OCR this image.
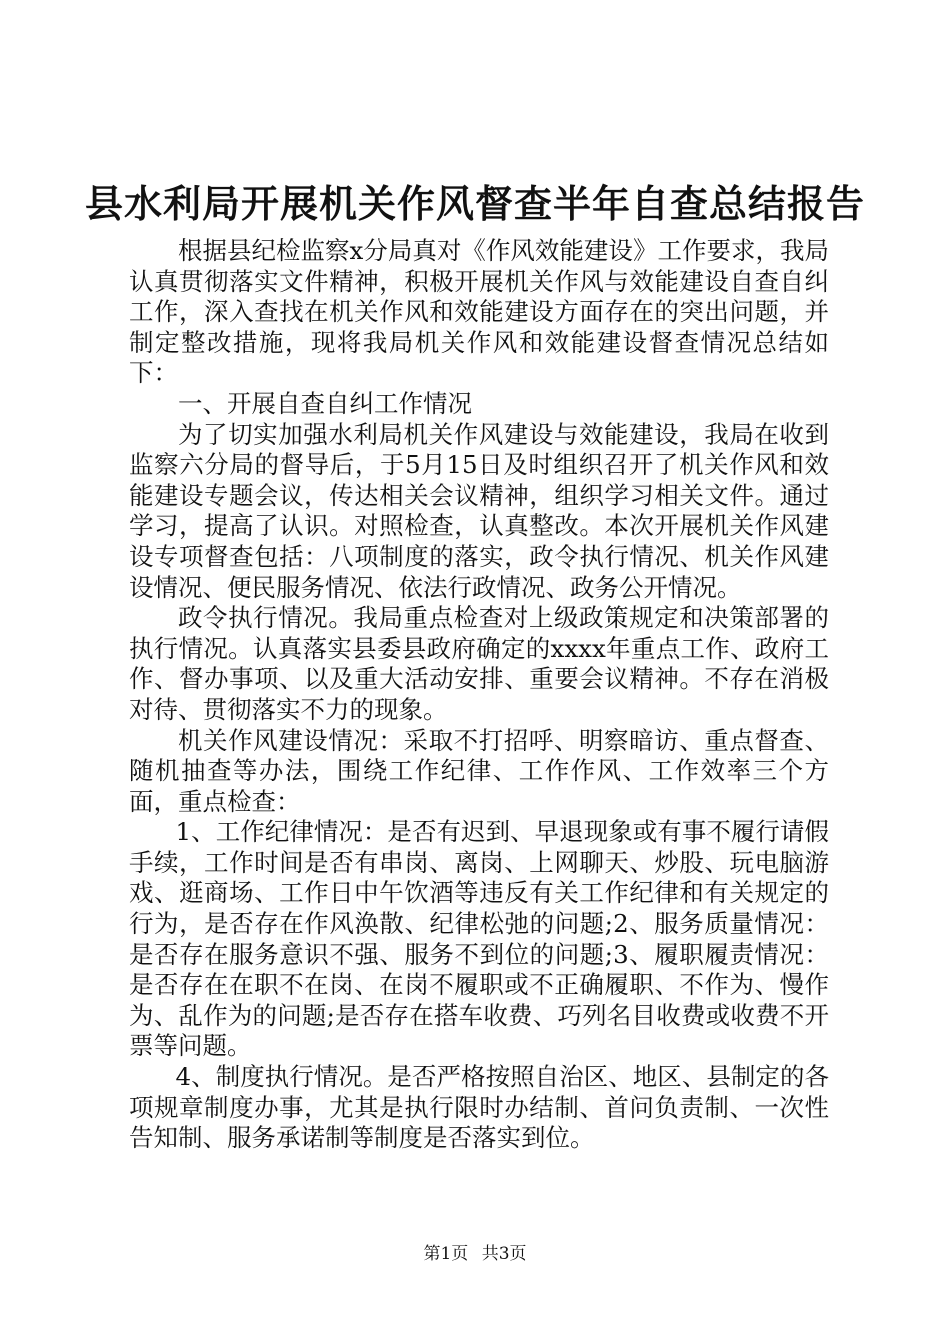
县水利局开展机关作风督查半年自查总结报告

根据县纪检监察x分局真对《作风效能建设》工作要求，我局认真贯彻落实文件精神，积极开展机关作风与效能建设自查自纠工作，深入查找在机关作风和效能建设方面存在的突出问题，并制定整改措施，现将我局机关作风和效能建设督查情况总结如下：

一、开展自查自纠工作情况

为了切实加强水利局机关作风建设与效能建设，我局在收到监察六分局的督导后，于5月15日及时组织召开了机关作风和效能建设专题会议，传达相关会议精神，组织学习相关文件。通过学习，提高了认识。对照检查，认真整改。本次开展机关作风建设专项督查包括：八项制度的落实，政令执行情况、机关作风建设情况、便民服务情况、依法行政情况、政务公开情况。

政令执行情况。我局重点检查对上级政策规定和决策部署的执行情况。认真落实县委县政府确定的xxxx年重点工作、政府工作、督办事项、以及重大活动安排、重要会议精神。不存在消极对待、贯彻落实不力的现象。

机关作风建设情况：采取不打招呼、明察暗访、重点督查、随机抽查等办法，围绕工作纪律、工作作风、工作效率三个方面，重点检查：

1、工作纪律情况：是否有迟到、早退现象或有事不履行请假手续，工作时间是否有串岗、离岗、上网聊天、炒股、玩电脑游戏、逛商场、工作日中午饮酒等违反有关工作纪律和有关规定的行为，是否存在作风涣散、纪律松弛的问题;2、服务质量情况：是否存在服务意识不强、服务不到位的问题;3、履职履责情况：是否存在在职不在岗、在岗不履职或不正确履职、不作为、慢作为、乱作为的问题;是否存在搭车收费、巧列名目收费或收费不开票等问题。

4、制度执行情况。是否严格按照自治区、地区、县制定的各项规章制度办事，尤其是执行限时办结制、首问负责制、一次性告知制、服务承诺制等制度是否落实到位。

第1页 共3页
